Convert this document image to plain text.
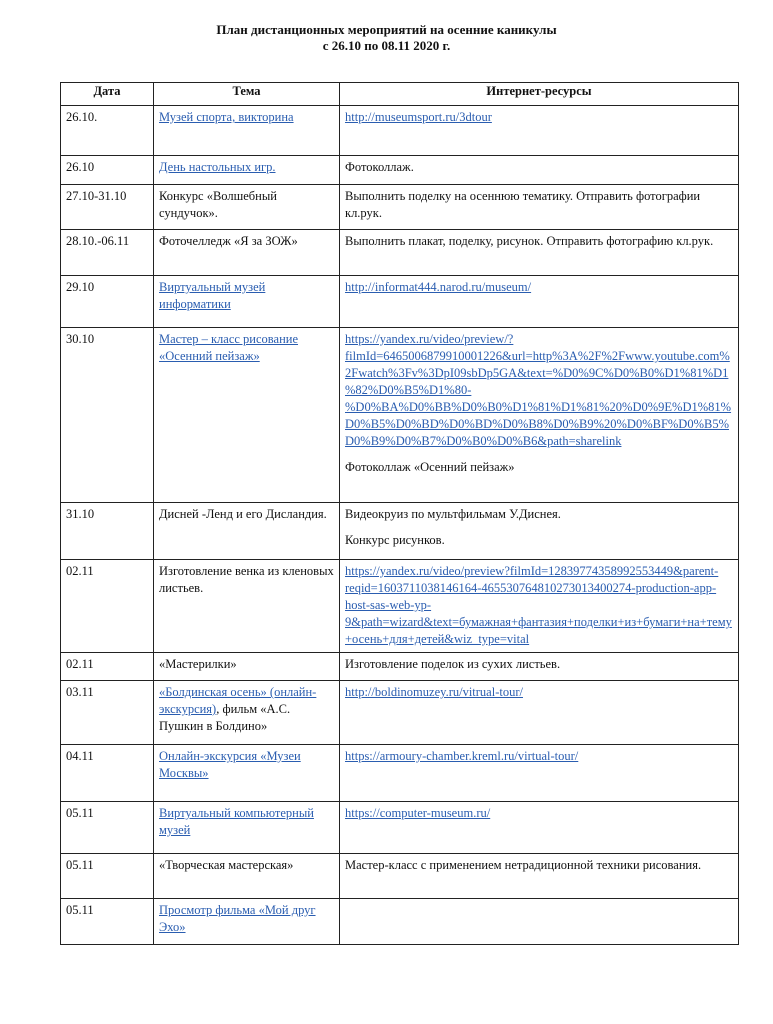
План дистанционных мероприятий на осенние каникулы
с 26.10 по 08.11 2020 г.
Дата	Тема	Интернет-ресурсы
26.10.	Музей спорта, викторина	http://museumsport.ru/3dtour

26.10	День настольных игр.	Фотоколлаж.

27.10-31.10	Конкурс «Волшебный сундучок».	Выполнить поделку на осеннюю тематику. Отправить фотографии кл.рук.

28.10.-06.11	Фоточелледж «Я за ЗОЖ»	Выполнить плакат, поделку, рисунок. Отправить фотографию кл.рук.

29.10	Виртуальный музей информатики	http://informat444.narod.ru/museum/

30.10	Мастер – класс рисование «Осенний пейзаж»	https://yandex.ru/video/preview/?filmId=6465006879910001226&url=http%3A%2F%2Fwww.youtube.com%2Fwatch%3Fv%3DpI09sbDp5GA&text=%D0%9C%D0%B0%D1%81%D1%82%D0%B5%D1%80-%D0%BA%D0%BB%D0%B0%D1%81%D1%81%20%D0%9E%D1%81%D0%B5%D0%BD%D0%BD%D0%B8%D0%B9%20%D0%BF%D0%B5%D0%B9%D0%B7%D0%B0%D0%B6&path=sharelink
Фотоколлаж «Осенний пейзаж»

31.10	Дисней -Ленд и его Дисландия.	Видеокруиз по мультфильмам У.Диснея.
Конкурс рисунков.

02.11	Изготовление венка из кленовых листьев.	https://yandex.ru/video/preview?filmId=12839774358992553449&parent-reqid=1603711038146164-465530764810273013400274-production-app-host-sas-web-yp-9&path=wizard&text=бумажная+фантазия+поделки+из+бумаги+на+тему+осень+для+детей&wiz_type=vital

02.11	«Мастерилки»	Изготовление поделок из сухих листьев.

03.11	«Болдинская осень» (онлайн-экскурсия), фильм «А.С. Пушкин в Болдино»	http://boldinomuzey.ru/vitrual-tour/

04.11	Онлайн-экскурсия «Музеи Москвы»	https://armoury-chamber.kreml.ru/virtual-tour/

05.11	Виртуальный компьютерный музей	https://computer-museum.ru/

05.11	«Творческая мастерская»	Мастер-класс с применением нетрадиционной техники рисования.

05.11	Просмотр фильма «Мой друг Эхо»	
